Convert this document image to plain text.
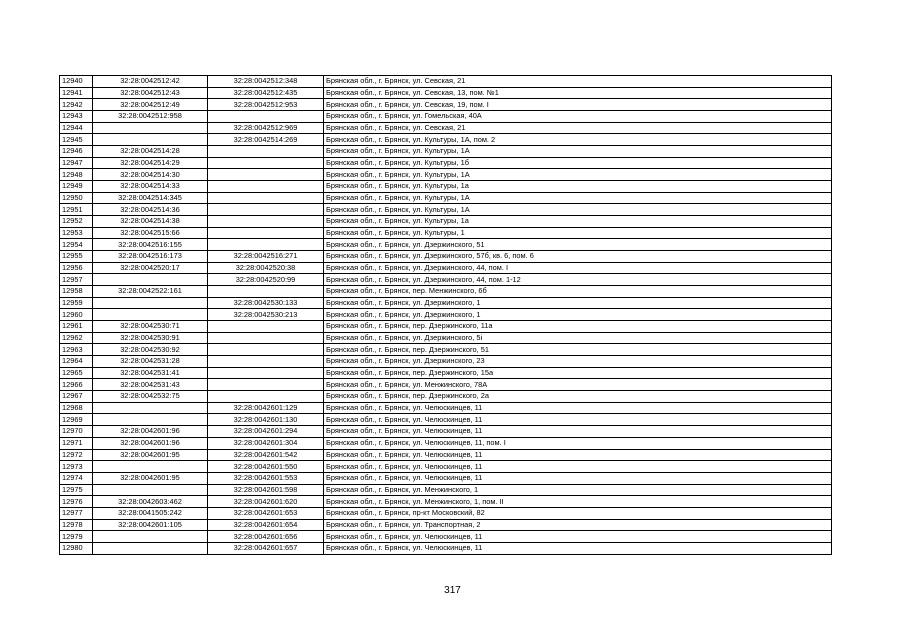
12940	32:28:0042512:42	32:28:0042512:348	Брянская обл., г. Брянск, ул. Севская, 21
12941	32:28:0042512:43	32:28:0042512:435	Брянская обл., г. Брянск, ул. Севская, 13, пом. №1
12942	32:28:0042512:49	32:28:0042512:953	Брянская обл., г. Брянск, ул. Севская, 19, пом. I
12943	32:28:0042512:958		Брянская обл., г. Брянск, ул. Гомельская, 40А
12944		32:28:0042512:969	Брянская обл., г. Брянск, ул. Севская, 21
12945		32:28:0042514:269	Брянская обл., г. Брянск, ул. Культуры, 1А, пом. 2
12946	32:28:0042514:28		Брянская обл., г. Брянск, ул. Культуры, 1А
12947	32:28:0042514:29		Брянская обл., г. Брянск, ул. Культуры, 1б
12948	32:28:0042514:30		Брянская обл., г. Брянск, ул. Культуры, 1А
12949	32:28:0042514:33		Брянская обл., г. Брянск, ул. Культуры, 1а
12950	32:28:0042514:345		Брянская обл., г. Брянск, ул. Культуры, 1А
12951	32:28:0042514:36		Брянская обл., г. Брянск, ул. Культуры, 1А
12952	32:28:0042514:38		Брянская обл., г. Брянск, ул. Культуры, 1а
12953	32:28:0042515:66		Брянская обл., г. Брянск, ул. Культуры, 1
12954	32:28:0042516:155		Брянская обл., г. Брянск, ул. Дзержинского, 51
12955	32:28:0042516:173	32:28:0042516:271	Брянская обл., г. Брянск, ул. Дзержинского, 57б, кв. 6, пом. 6
12956	32:28:0042520:17	32:28:0042520:38	Брянская обл., г. Брянск, ул. Дзержинского, 44, пом. I
12957		32:28:0042520:99	Брянская обл., г. Брянск, ул. Дзержинского, 44, пом. 1-12
12958	32:28:0042522:161		Брянская обл., г. Брянск, пер. Менжинского, 6б
12959		32:28:0042530:133	Брянская обл., г. Брянск, ул. Дзержинского, 1
12960		32:28:0042530:213	Брянская обл., г. Брянск, ул. Дзержинского, 1
12961	32:28:0042530:71		Брянская обл., г. Брянск, пер. Дзержинского, 11а
12962	32:28:0042530:91		Брянская обл., г. Брянск, ул. Дзержинского, 5і
12963	32:28:0042530:92		Брянская обл., г. Брянск, пер. Дзержинского, 51
12964	32:28:0042531:28		Брянская обл., г. Брянск, ул. Дзержинского, 23
12965	32:28:0042531:41		Брянская обл., г. Брянск, пер. Дзержинского, 15а
12966	32:28:0042531:43		Брянская обл., г. Брянск, ул. Менжинского, 78А
12967	32:28:0042532:75		Брянская обл., г. Брянск, пер. Дзержинского, 2а
12968		32:28:0042601:129	Брянская обл., г. Брянск, ул. Челюскинцев, 11
12969		32:28:0042601:130	Брянская обл., г. Брянск, ул. Челюскинцев, 11
12970	32:28:0042601:96	32:28:0042601:294	Брянская обл., г. Брянск, ул. Челюскинцев, 11
12971	32:28:0042601:96	32:28:0042601:304	Брянская обл., г. Брянск, ул. Челюскинцев, 11, пом. I
12972	32:28:0042601:95	32:28:0042601:542	Брянская обл., г. Брянск, ул. Челюскинцев, 11
12973		32:28:0042601:550	Брянская обл., г. Брянск, ул. Челюскинцев, 11
12974	32:28:0042601:95	32:28:0042601:553	Брянская обл., г. Брянск, ул. Челюскинцев, 11
12975		32:28:0042601:598	Брянская обл., г. Брянск, ул. Менжинского, 1
12976	32:28:0042603:462	32:28:0042601:620	Брянская обл., г. Брянск, ул. Менжинского, 1, пом. II
12977	32:28:0041505:242	32:28:0042601:653	Брянская обл., г. Брянск, пр-кт Московский, 82
12978	32:28:0042601:105	32:28:0042601:654	Брянская обл., г. Брянск, ул. Транспортная, 2
12979		32:28:0042601:656	Брянская обл., г. Брянск, ул. Челюскинцев, 11
12980		32:28:0042601:657	Брянская обл., г. Брянск, ул. Челюскинцев, 11
317
